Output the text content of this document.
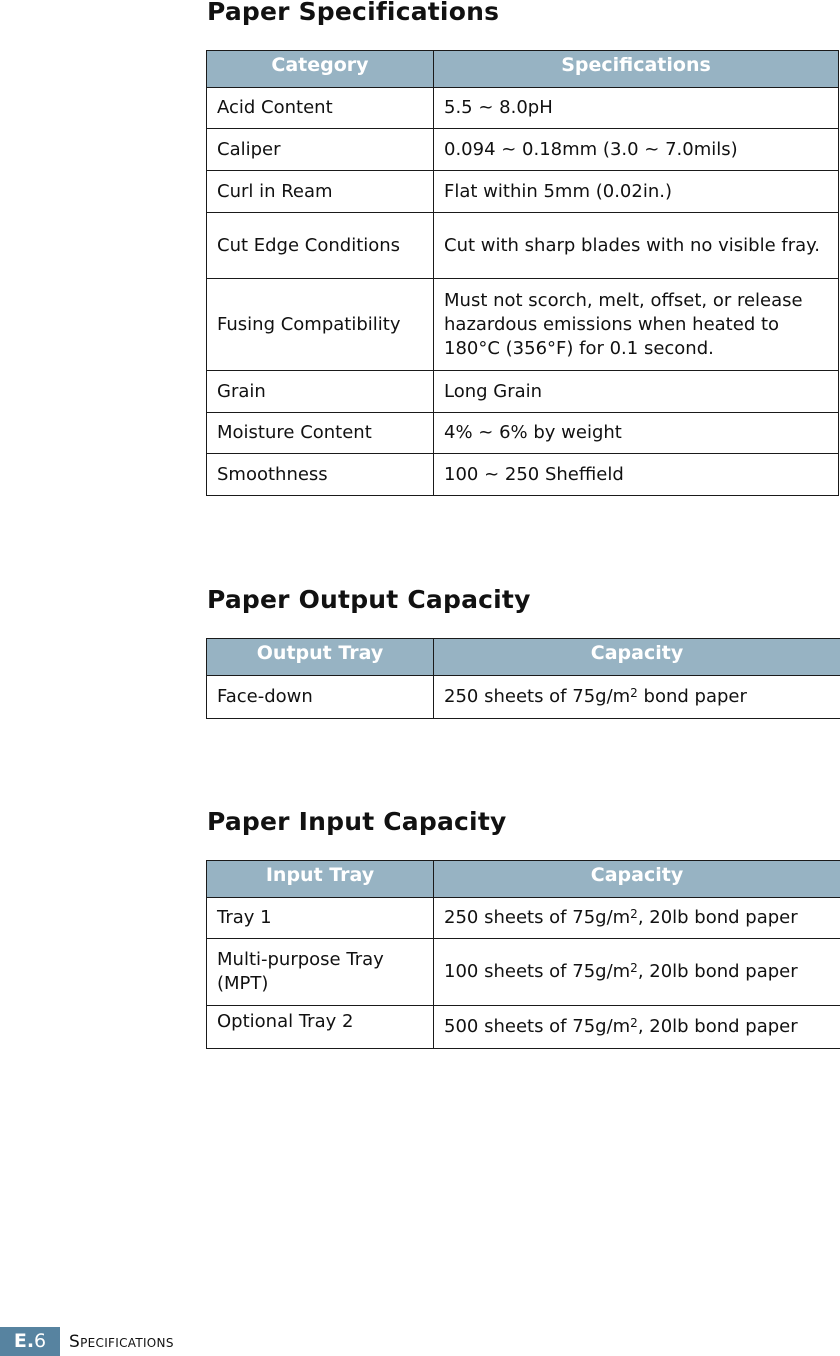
Paper Specifications
Category	Specifications
Acid Content	5.5 ~ 8.0pH
Caliper	0.094 ~ 0.18mm (3.0 ~ 7.0mils)
Curl in Ream	Flat within 5mm (0.02in.)
Cut Edge Conditions	Cut with sharp blades with no visible fray.
Fusing Compatibility	Must not scorch, melt, offset, or release hazardous emissions when heated to 180°C (356°F) for 0.1 second.
Grain	Long Grain
Moisture Content	4% ~ 6% by weight
Smoothness	100 ~ 250 Sheffield
Paper Output Capacity
Output Tray	Capacity
Face-down	250 sheets of $75g/m^2$ bond paper
Paper Input Capacity
Input Tray	Capacity
Tray 1	250 sheets of $75g/m^2$, 20lb bond paper
Multi-purpose Tray (MPT)	100 sheets of $75g/m^2$, 20lb bond paper
Optional Tray 2	500 sheets of $75g/m^2$, 20lb bond paper
E.6	Specifications
